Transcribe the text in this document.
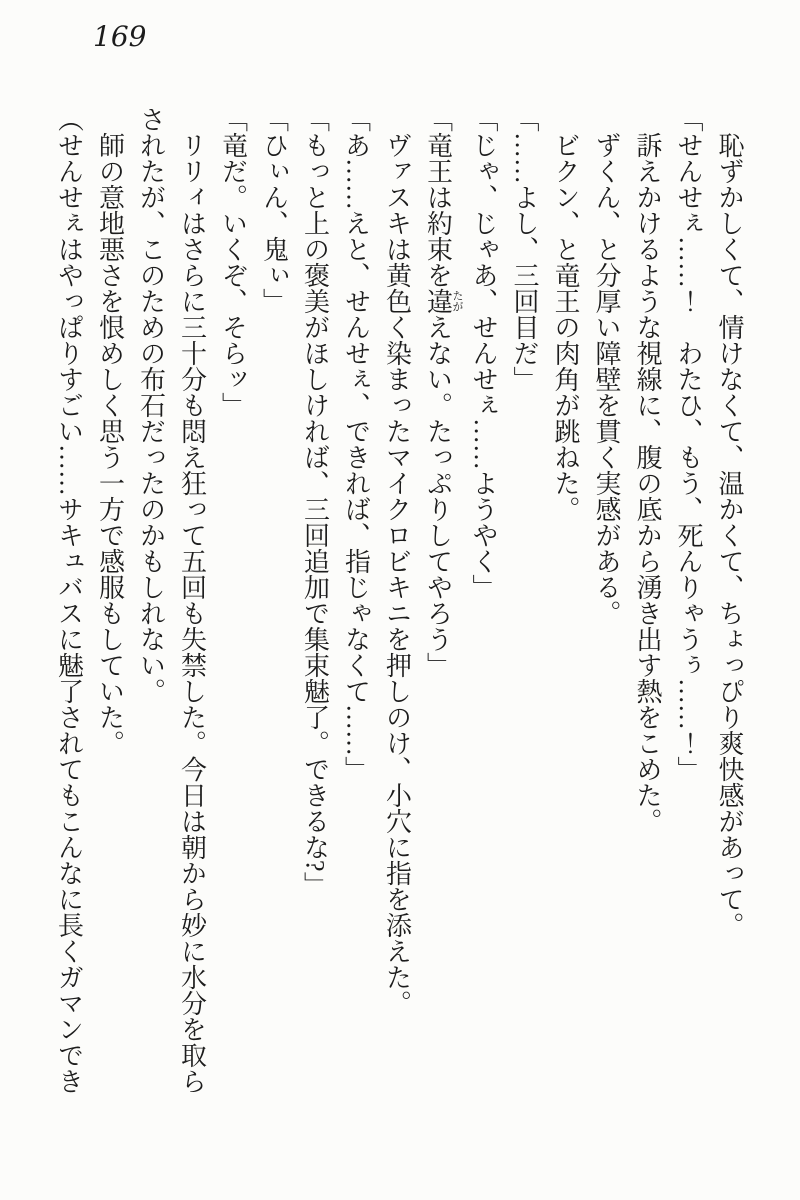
169

　恥ずかしくて、情けなくて、温かくて、ちょっぴり爽快感があって。

「せんせぇ……！　わたひ、もう、死んりゃうぅ……！」

　訴えかけるような視線に、腹の底から湧き出す熱をこめた。

　ずくん、と分厚い障壁を貫く実感がある。

　ビクン、と竜王の肉角が跳ねた。

「……よし、三回目だ」

「じゃ、じゃあ、せんせぇ……ようやく」

「竜王は約束を違たがえない。たっぷりしてやろう」

　ヴァスキは黄色く染まったマイクロビキニを押しのけ、小穴に指を添えた。

「あ……えと、せんせぇ、できれば、指じゃなくて……」

「もっと上の褒美がほしければ、三回追加で集束魅了。できるな?」

「ひぃん、鬼ぃ」

「竜だ。いくぞ、そらッ」

　リリィはさらに三十分も悶え狂って五回も失禁した。今日は朝から妙に水分を取ら

されたが、このための布石だったのかもしれない。

　師の意地悪さを恨めしく思う一方で感服もしていた。

（せんせぇはやっぱりすごい……サキュバスに魅了されてもこんなに長くガマンでき
